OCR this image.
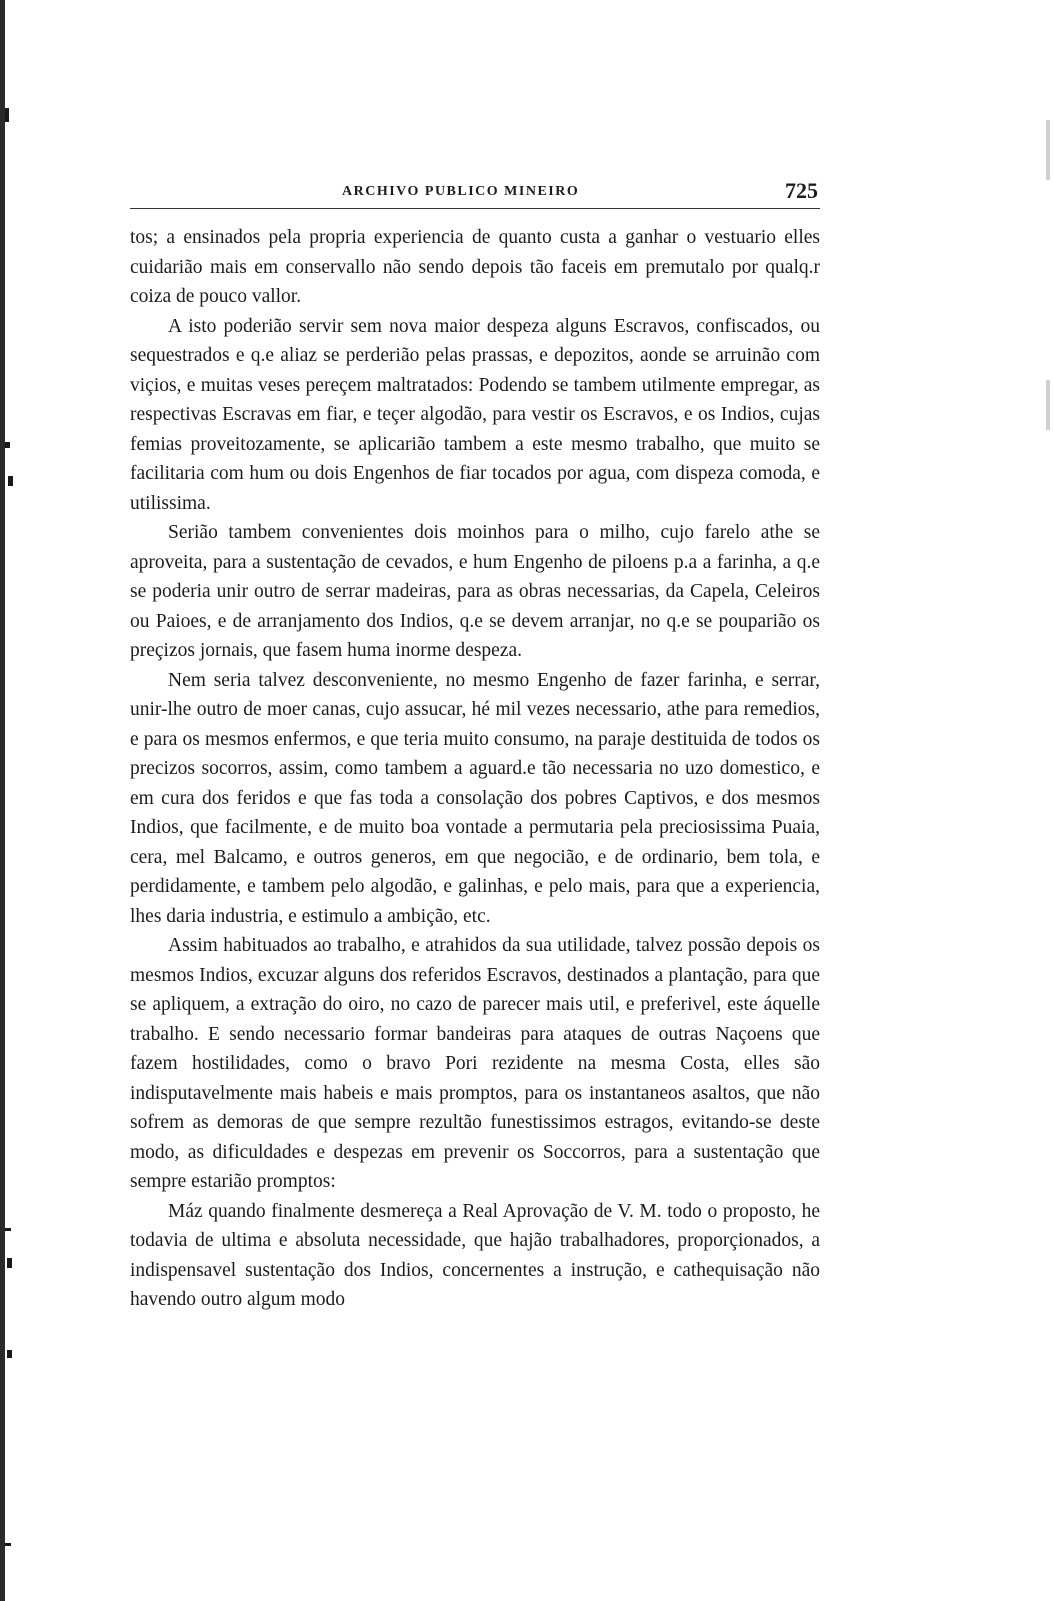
ARCHIVO PUBLICO MINEIRO	725

tos; a ensinados pela propria experiencia de quanto custa a ganhar o vestuario elles cuidarião mais em conservallo não sendo depois tão faceis em premutalo por qualq.r coiza de pouco vallor.

A isto poderião servir sem nova maior despeza alguns Escravos, confiscados, ou sequestrados e q.e aliaz se perderião pelas prassas, e depozitos, aonde se arruinão com viçios, e muitas veses pereçem maltratados: Podendo se tambem utilmente empregar, as respectivas Escravas em fiar, e teçer algodão, para vestir os Escravos, e os Indios, cujas femias proveitozamente, se aplicarião tambem a este mesmo trabalho, que muito se facilitaria com hum ou dois Engenhos de fiar tocados por agua, com dispeza comoda, e utilissima.

Serião tambem convenientes dois moinhos para o milho, cujo farelo athe se aproveita, para a sustentação de cevados, e hum Engenho de piloens p.a a farinha, a q.e se poderia unir outro de serrar madeiras, para as obras necessarias, da Capela, Celeiros ou Paioes, e de arranjamento dos Indios, q.e se devem arranjar, no q.e se pouparião os preçizos jornais, que fasem huma inorme despeza.

Nem seria talvez desconveniente, no mesmo Engenho de fazer farinha, e serrar, unir-lhe outro de moer canas, cujo assucar, hé mil vezes necessario, athe para remedios, e para os mesmos enfermos, e que teria muito consumo, na paraje destituida de todos os precizos socorros, assim, como tambem a aguard.e tão necessaria no uzo domestico, e em cura dos feridos e que fas toda a consolação dos pobres Captivos, e dos mesmos Indios, que facilmente, e de muito boa vontade a permutaria pela preciosissima Puaia, cera, mel Balcamo, e outros generos, em que negocião, e de ordinario, bem tola, e perdidamente, e tambem pelo algodão, e galinhas, e pelo mais, para que a experiencia, lhes daria industria, e estimulo a ambição, etc.

Assim habituados ao trabalho, e atrahidos da sua utilidade, talvez possão depois os mesmos Indios, excuzar alguns dos referidos Escravos, destinados a plantação, para que se apliquem, a extração do oiro, no cazo de parecer mais util, e preferivel, este áquelle trabalho. E sendo necessario formar bandeiras para ataques de outras Naçoens que fazem hostilidades, como o bravo Pori rezidente na mesma Costa, elles são indisputavelmente mais habeis e mais promptos, para os instantaneos asaltos, que não sofrem as demoras de que sempre rezultão funestissimos estragos, evitando-se deste modo, as dificuldades e despezas em prevenir os Soccorros, para a sustentação que sempre estarião promptos:

Máz quando finalmente desmereça a Real Aprovação de V. M. todo o proposto, he todavia de ultima e absoluta necessidade, que hajão trabalhadores, proporçionados, a indispensavel sustentação dos Indios, concernentes a instrução, e cathequisação não havendo outro algum modo
